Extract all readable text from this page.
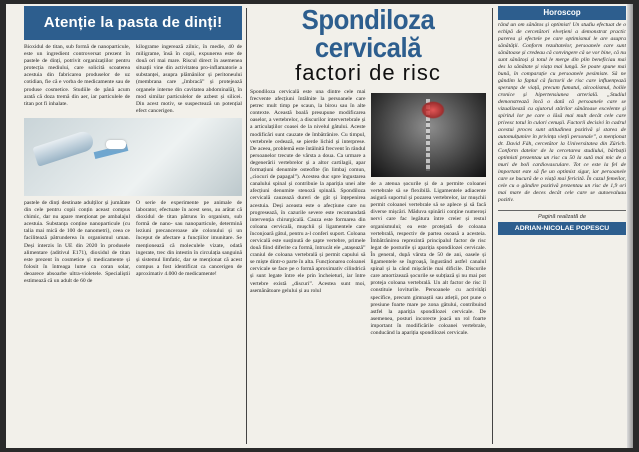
Atenție la pasta de dinți!
Bioxidul de titan, sub formă de nanoparticule, este un ingredient controversat prezent în pastele de dinți, potrivit organizațiilor pentru protecția mediului, care solicită scoaterea acestuia din fabricarea produselor de uz cotidian, fie că e vorba de medicamente sau de produse cosmetice. Studiile de până acum arată că doza tremă din aer, iar particulele de titan pot fi inhalate.
kilograme ingerează zilnic, în medie, 40 de miligrame, însă în copii, expunerea este de două ori mai mare. Riscul direct în asemenea situații vine din activitatea pro-inflamatorie a substanței, asupra plămânilor și peritoneului (membrana care „îmbracă” și protejează organele interne din cavitatea abdominală), în mod similar particulelor de azbest și silicei. Din acest motiv, se suspectează un potențial efect cancerigen.
pastele de dinți destinate adulților și jumătate din cele pentru copii conțin aceast compus chimic, dar nu apare menționat pe ambalajul acestuia. Substanța conține nanoparticule (cu talia mai mică de 100 de nanometri), ceea ce facilitează pătrunderea în organismul uman. Deși interzis în UE din 2020 în produsele alimentare (aditivul E171), dioxidul de titan este prezent în cosmetice și medicamente și folosit în întreaga lume ca coran solar, deoarece absoarbe ultra-violetele. Specialiștii estimează că un adult de 60 de
O serie de experimente pe animale de laborator, efectuate în acest sens, au arătat că dioxidul de titan pătruns în organism, sub formă de nano- sau nanoparticule, determină leziuni precanceroase ale colonului și un început de afectare a funcțiilor imunitare. Se menționează că moleculele vizate, odată ingerate, trec din intestin în circulația sanguină și sistemul limfatic, dar se menționat că acest compus a fost identificat ca cancerigen de aproximativ 4.000 de medicamente!
Spondiloza cervicală
factori de risc
Spondiloza cervicală este una dintre cele mai frecvente afecțiuni întâlnite la persoanele care petrec mult timp pe scaun, la birou sau în alte contexte. Această boală presupune modificarea oaselor, a vertebrelor, a discurilor intervertebrale și a articulațiilor coasei de la nivelul gâtului. Aceste modificări sunt cauzate de îmbătrânire. Cu timpul, vertebrele cedează, se pierde lichid și interprese. De aceea, problemă este întâlnită frecvent în rândul persoanelor trecute de vârsta a doua. Ca urmare a degenerării vertebrelor și a altor cartilagii, apar formațiuni denumite osteofite (în limbaj comun, „ciocuri de papagal”). Acestea duc spre îngustarea canalului spinal și contribuie la apariția unei alte afecțiuni denumite stenoză spinală. Spondiloza cervicală cauzează dureri de gât și înțepenirea acestuia. Deși aceasta este o afecțiune care nu progresează, în cazurile severe este recomandată intervenția chirurgicală. Cauza este formarea din coloana cervicală, mușchii și ligamentele care înconjoară gâtul, pentru a-l conferi suport. Coloana cervicală este susținută de șapte vertebre, primele două fiind diferite ca formă, întrucât ele „atașează” craniul de coloana vertebrală și permit capului să se miște dintr-o parte în alta. Funcționarea coloanei cervicale se face pe o formă aproximativ cilindrică și sunt legate între ele prin încheieturi, iar între vertebre există „discuri”. Acestea sunt moi, asemănătoare gelului și au rolul
de a atenua șocurile și de a permite coloanei vertebrale să se flexibilă. Ligamentele adiacente asigură suportul și pozarea vertebrelor, iar mușchii permit coloanei vertebrale să se aplece și să facă diverse mișcări. Măduva spinării conține numeroși nervi care fac legătura între creier și restul organismului; ea este protejată de coloana vertebrală, respectiv de partea osoasă a acesteia. Îmbătrânirea reprezintă principalul factor de risc legat de posturile și apariția spondilozei cervicale. În general, după vârsta de 50 de ani, oasele și ligamentele se îngroașă, îngustând astfel canalul spinal și la când mișcările mai dificile. Discurile care amortizează șocurile se subțiază și nu mai pot proteja coloana vertebrală. Un alt factor de risc îl constituie loviturile. Persoanele cu activități specifice, precum gimnaștii sau atleții, pot pune o presiune foarte mare pe zona gâtului, contribuind astfel la apariția spondilozei cervicale. De asemenea, posturi incorecte joacă un rol foarte important în modificările coloanei vertebrale, conducând la apariția spondilozei cervicale.
Horoscop
rând un om sănătos și optimist! Un studiu efectuat de o echipă de cercetători elvețieni a demonstrat practic parerea și efectele pe care optimismul le are asupra sănătății. Conform rezultatelor, persoanele care sunt sănătoase și credeau că convingere că se vor bine, că nu sunt sănătoși și totul le merge din plin beneficiau mai des la sănătate și viața mai lungă. Se poate spune mai bună, în comparație cu persoanele pesimiste. Să ne gândim la faptul că factorii de risc care influențează speranța de viață, precum fumatul, alcoolismul, bolile cronice și hipertensiunea arterială. „Studiul demonstrează încă o dată că persoanele care se vizualizează cu ajutorul stărilor sănătoase excelente și spiritul lor pe care o lăsă mai mult decât cele care privesc totul în culori cenușii. Factorii decisivi în cadrul acestui proces sunt atitudinea pozitivă și starea de automulțumire în privința vieții personale”, a menționat dr. David Fäh, cercetător la Universitatea din Zürich. Conform datelor de la cercetarea studiului, bărbații optimisti prezentau un risc cu 50 la sută mai mic de a muri de boli cardiovasculare. Tot ce este la fel de important este să fie un optimist sigur, iar persoanele care se bucură de o viață mai fericită. În cazul femeilor, cele cu o gândire pozitivă prezentau un risc de 1,9 ori mai mare de deces decât cele care se autoevaluau pozitiv.
Pagină realizată de
ADRIAN-NICOLAE POPESCU
